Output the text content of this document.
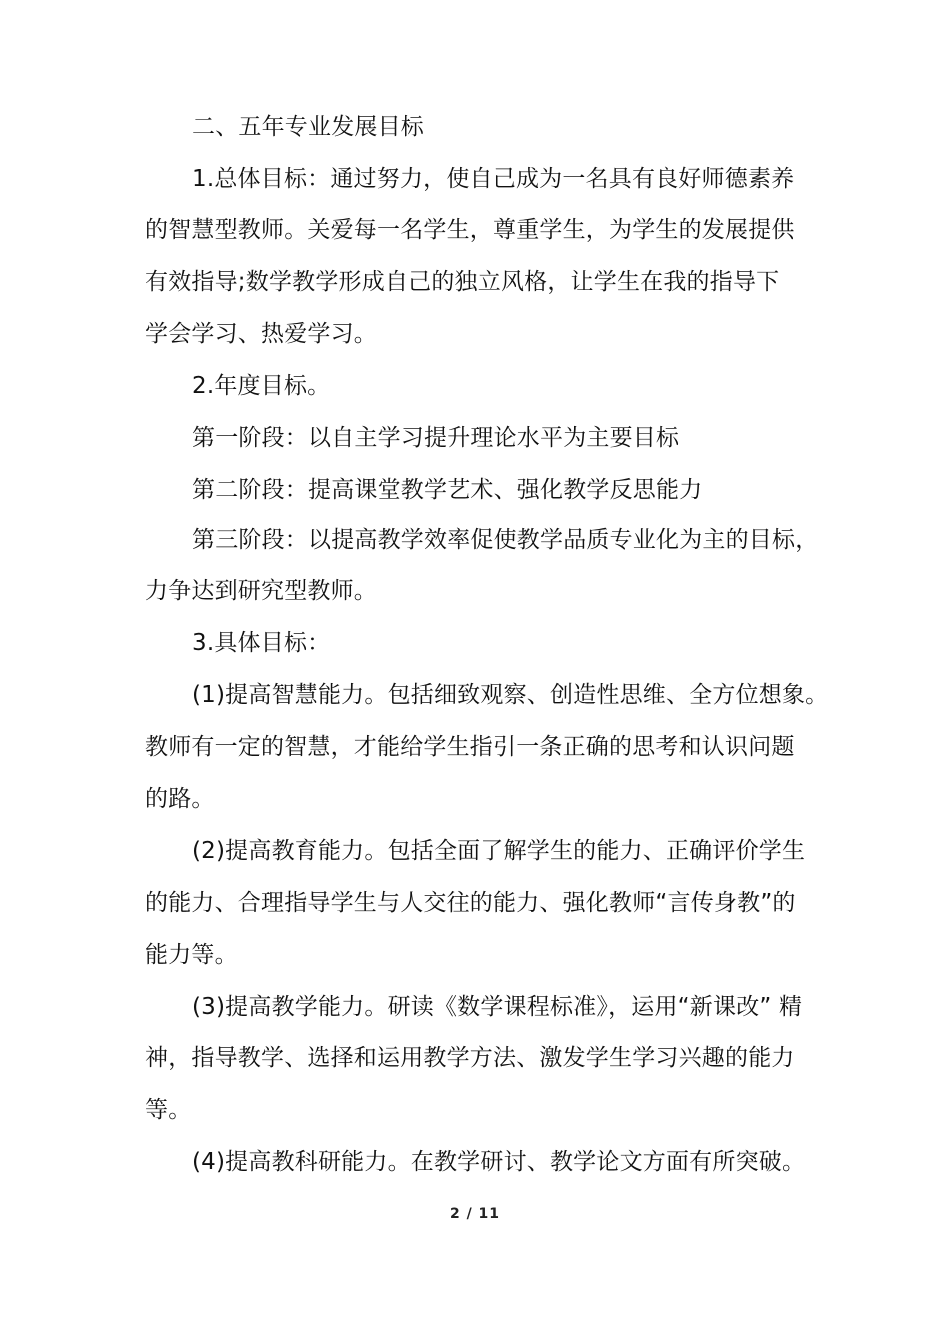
二、五年专业发展目标
1.总体目标：通过努力，使自己成为一名具有良好师德素养
的智慧型教师。关爱每一名学生，尊重学生，为学生的发展提供
有效指导;数学教学形成自己的独立风格，让学生在我的指导下
学会学习、热爱学习。
2.年度目标。
第一阶段：以自主学习提升理论水平为主要目标
第二阶段：提高课堂教学艺术、强化教学反思能力
第三阶段：以提高教学效率促使教学品质专业化为主的目标，
力争达到研究型教师。
3.具体目标：
(1)提高智慧能力。包括细致观察、创造性思维、全方位想象。
教师有一定的智慧，才能给学生指引一条正确的思考和认识问题
的路。
(2)提高教育能力。包括全面了解学生的能力、正确评价学生
的能力、合理指导学生与人交往的能力、强化教师“言传身教”的
能力等。
(3)提高教学能力。研读《数学课程标准》，运用“新课改” 精
神，指导教学、选择和运用教学方法、激发学生学习兴趣的能力
等。
(4)提高教科研能力。在教学研讨、教学论文方面有所突破。
2 / 11
